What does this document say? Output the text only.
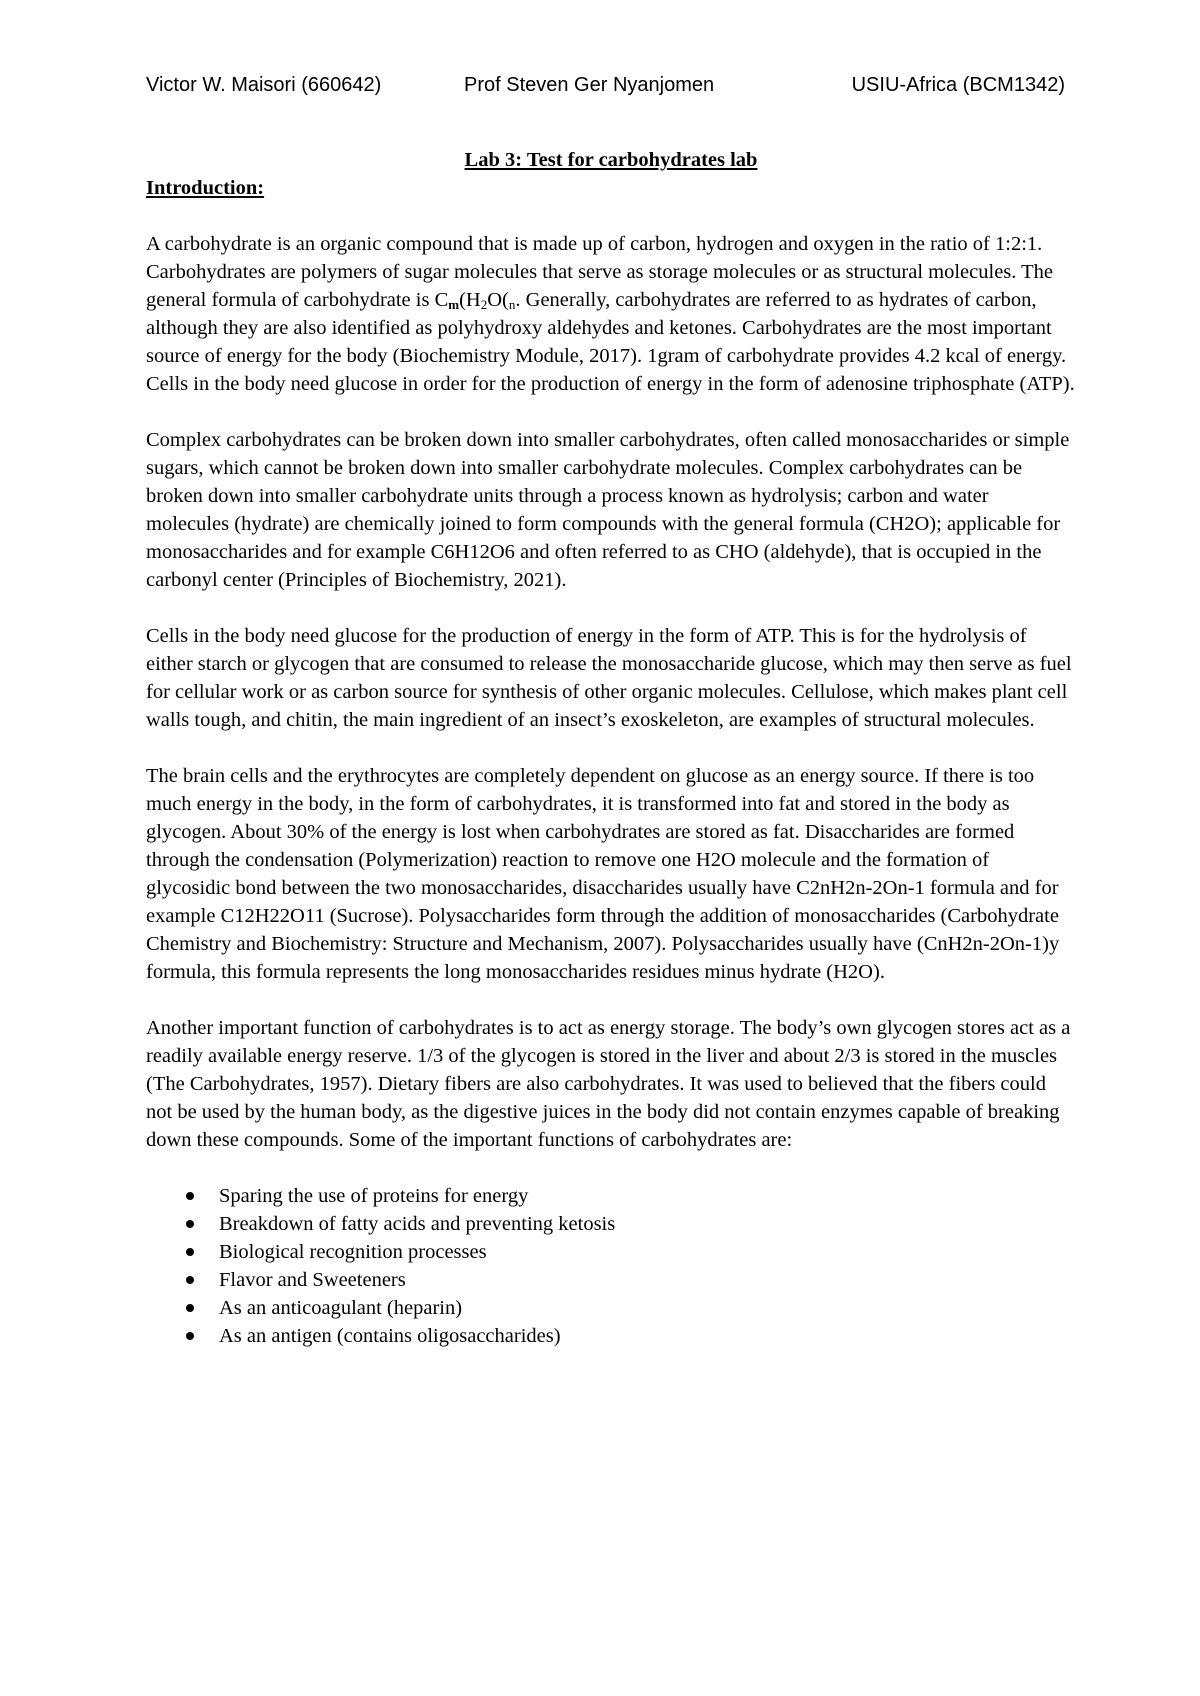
Victor W. Maisori (660642)	Prof Steven Ger Nyanjomen	USIU-Africa (BCM1342)

Lab 3: Test for carbohydrates lab

Introduction:

A carbohydrate is an organic compound that is made up of carbon, hydrogen and oxygen in the ratio of 1:2:1. Carbohydrates are polymers of sugar molecules that serve as storage molecules or as structural molecules. The general formula of carbohydrate is $C_m(H_2O(_n$. Generally, carbohydrates are referred to as hydrates of carbon, although they are also identified as polyhydroxy aldehydes and ketones. Carbohydrates are the most important source of energy for the body (Biochemistry Module, 2017). 1gram of carbohydrate provides 4.2 kcal of energy. Cells in the body need glucose in order for the production of energy in the form of adenosine triphosphate (ATP).

Complex carbohydrates can be broken down into smaller carbohydrates, often called monosaccharides or simple sugars, which cannot be broken down into smaller carbohydrate molecules. Complex carbohydrates can be broken down into smaller carbohydrate units through a process known as hydrolysis; carbon and water molecules (hydrate) are chemically joined to form compounds with the general formula (CH2O); applicable for monosaccharides and for example C6H12O6 and often referred to as CHO (aldehyde), that is occupied in the carbonyl center (Principles of Biochemistry, 2021).

Cells in the body need glucose for the production of energy in the form of ATP. This is for the hydrolysis of either starch or glycogen that are consumed to release the monosaccharide glucose, which may then serve as fuel for cellular work or as carbon source for synthesis of other organic molecules. Cellulose, which makes plant cell walls tough, and chitin, the main ingredient of an insect’s exoskeleton, are examples of structural molecules.

The brain cells and the erythrocytes are completely dependent on glucose as an energy source. If there is too much energy in the body, in the form of carbohydrates, it is transformed into fat and stored in the body as glycogen. About 30% of the energy is lost when carbohydrates are stored as fat. Disaccharides are formed through the condensation (Polymerization) reaction to remove one H2O molecule and the formation of glycosidic bond between the two monosaccharides, disaccharides usually have C2nH2n-2On-1 formula and for example C12H22O11 (Sucrose). Polysaccharides form through the addition of monosaccharides (Carbohydrate Chemistry and Biochemistry: Structure and Mechanism, 2007). Polysaccharides usually have (CnH2n-2On-1)y formula, this formula represents the long monosaccharides residues minus hydrate (H2O).

Another important function of carbohydrates is to act as energy storage. The body’s own glycogen stores act as a readily available energy reserve. 1/3 of the glycogen is stored in the liver and about 2/3 is stored in the muscles (The Carbohydrates, 1957). Dietary fibers are also carbohydrates. It was used to believed that the fibers could not be used by the human body, as the digestive juices in the body did not contain enzymes capable of breaking down these compounds. Some of the important functions of carbohydrates are:

Sparing the use of proteins for energy
Breakdown of fatty acids and preventing ketosis
Biological recognition processes
Flavor and Sweeteners
As an anticoagulant (heparin)
As an antigen (contains oligosaccharides)
